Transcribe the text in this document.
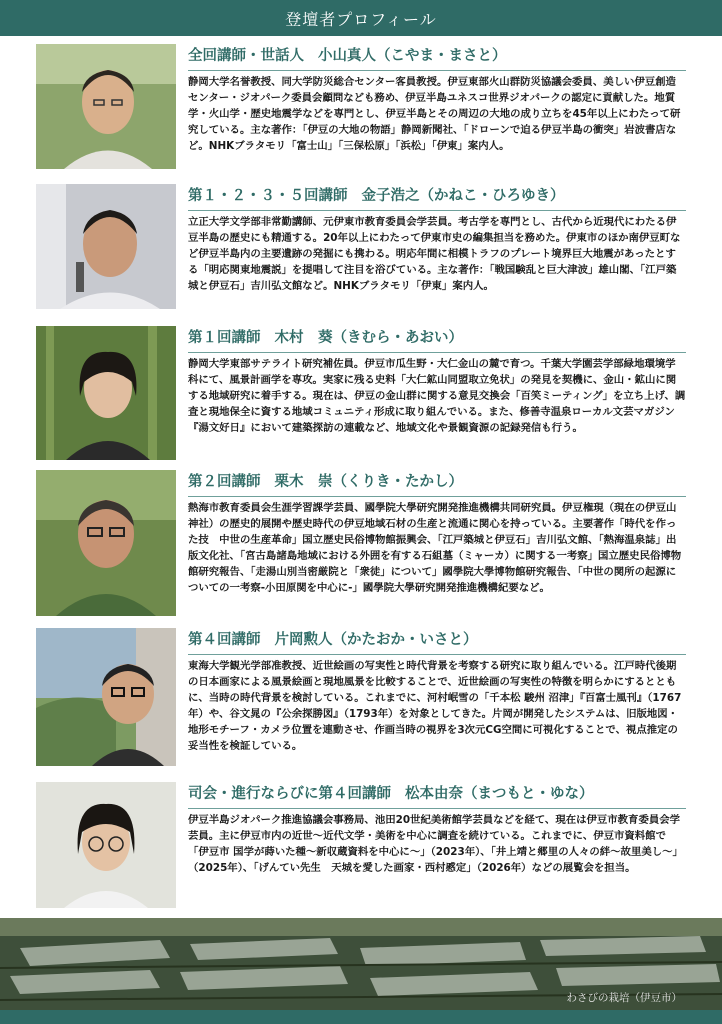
登壇者プロフィール
全回講師・世話人 小山真人（こやま・まさと）
静岡大学名誉教授、同大学防災総合センター客員教授。伊豆東部火山群防災協議会委員、美しい伊豆創造センター・ジオパーク委員会顧問なども務め、伊豆半島ユネスコ世界ジオパークの認定に貢献した。地質学・火山学・歴史地震学などを専門とし、伊豆半島とその周辺の大地の成り立ちを45年以上にわたって研究している。主な著作：「伊豆の大地の物語」静岡新聞社、「ドローンで迫る伊豆半島の衝突」岩波書店など。NHKブラタモリ「富士山」「三保松原」「浜松」「伊東」案内人。
第１・２・３・５回講師 金子浩之（かねこ・ひろゆき）
立正大学文学部非常勤講師、元伊東市教育委員会学芸員。考古学を専門とし、古代から近現代にわたる伊豆半島の歴史にも精通する。20年以上にわたって伊東市史の編集担当を務めた。伊東市のほか南伊豆町など伊豆半島内の主要遺跡の発掘にも携わる。明応年間に相模トラフのプレート境界巨大地震があったとする「明応関東地震説」を提唱して注目を浴びている。主な著作：「戦国験乱と巨大津波」雄山閣、「江戸築城と伊豆石」吉川弘文館など。NHKブラタモリ「伊東」案内人。
第１回講師 木村　葵（きむら・あおい）
静岡大学東部サテライト研究補佐員。伊豆市瓜生野・大仁金山の麓で育つ。千葉大学園芸学部緑地環境学科にて、風景計画学を専攻。実家に残る史料「大仁鉱山同盟取立免状」の発見を契機に、金山・鉱山に関する地域研究に着手する。現在は、伊豆の金山群に関する意見交換会「百笑ミーティング」を立ち上げ、調査と現地保全に資する地域コミュニティ形成に取り組んでいる。また、修善寺温泉ローカル文芸マガジン『湯文好日』において建築探訪の連載など、地域文化や景観資源の記録発信も行う。
第２回講師 栗木　崇（くりき・たかし）
熱海市教育委員会生涯学習課学芸員、國學院大學研究開発推進機構共同研究員。伊豆権現（現在の伊豆山神社）の歴史的展開や歴史時代の伊豆地域石材の生産と流通に関心を持っている。主要著作「時代を作った技　中世の生産革命」国立歴史民俗博物館振興会、「江戸築城と伊豆石」吉川弘文館、「熱海温泉誌」出版文化社、「宮古島諸島地域における外囲を有する石組墓（ミャーカ）に関する一考察」国立歴史民俗博物館研究報告、「走湯山別当密厳院と「衆徒」について」國學院大學博物館研究報告、「中世の関所の起源についての一考察-小田原関を中心に-」國學院大學研究開発推進機構紀要など。
第４回講師 片岡勲人（かたおか・いさと）
東海大学観光学部准教授、近世絵画の写実性と時代背景を考察する研究に取り組んでいる。江戸時代後期の日本画家による風景絵画と現地風景を比較することで、近世絵画の写実性の特徴を明らかにするとともに、当時の時代背景を検討している。これまでに、河村岷雪の「千本松 駿州 沼津」『百富士風刊』（1767年）や、谷文晁の『公余探勝図』（1793年）を対象としてきた。片岡が開発したシステムは、旧版地図・地形モチーフ・カメラ位置を連動させ、作画当時の視界を3次元CG空間に可視化することで、視点推定の妥当性を検証している。
司会・進行ならびに第４回講師 松本由奈（まつもと・ゆな）
伊豆半島ジオパーク推進協議会事務局、池田20世紀美術館学芸員などを経て、現在は伊豆市教育委員会学芸員。主に伊豆市内の近世～近代文学・美術を中心に調査を続けている。これまでに、伊豆市資料館で「伊豆市 国学が蒔いた種～新収蔵資料を中心に～」（2023年）、「井上靖と郷里の人々の絆～故里美し～」（2025年）、「げんてい先生　天城を愛した画家・西村慼定」（2026年）などの展覧会を担当。
わさびの栽培（伊豆市）
